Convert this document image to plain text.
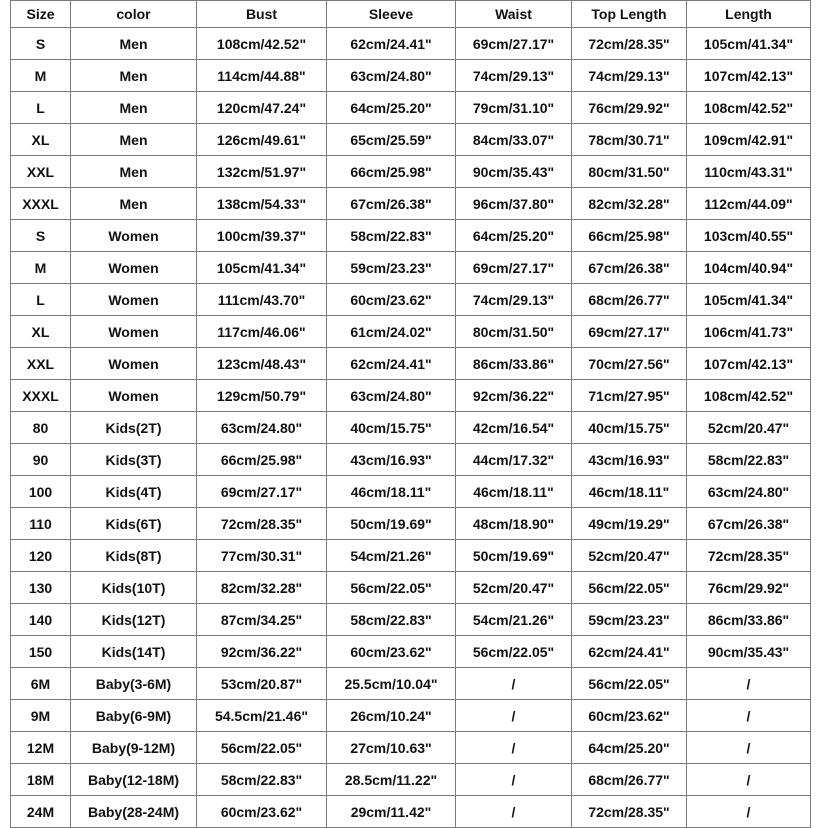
Size	color	Bust	Sleeve	Waist	Top Length	Length
S	Men	108cm/42.52"	62cm/24.41"	69cm/27.17"	72cm/28.35"	105cm/41.34"
M	Men	114cm/44.88"	63cm/24.80"	74cm/29.13"	74cm/29.13"	107cm/42.13"
L	Men	120cm/47.24"	64cm/25.20"	79cm/31.10"	76cm/29.92"	108cm/42.52"
XL	Men	126cm/49.61"	65cm/25.59"	84cm/33.07"	78cm/30.71"	109cm/42.91"
XXL	Men	132cm/51.97"	66cm/25.98"	90cm/35.43"	80cm/31.50"	110cm/43.31"
XXXL	Men	138cm/54.33"	67cm/26.38"	96cm/37.80"	82cm/32.28"	112cm/44.09"
S	Women	100cm/39.37"	58cm/22.83"	64cm/25.20"	66cm/25.98"	103cm/40.55"
M	Women	105cm/41.34"	59cm/23.23"	69cm/27.17"	67cm/26.38"	104cm/40.94"
L	Women	111cm/43.70"	60cm/23.62"	74cm/29.13"	68cm/26.77"	105cm/41.34"
XL	Women	117cm/46.06"	61cm/24.02"	80cm/31.50"	69cm/27.17"	106cm/41.73"
XXL	Women	123cm/48.43"	62cm/24.41"	86cm/33.86"	70cm/27.56"	107cm/42.13"
XXXL	Women	129cm/50.79"	63cm/24.80"	92cm/36.22"	71cm/27.95"	108cm/42.52"
80	Kids(2T)	63cm/24.80"	40cm/15.75"	42cm/16.54"	40cm/15.75"	52cm/20.47"
90	Kids(3T)	66cm/25.98"	43cm/16.93"	44cm/17.32"	43cm/16.93"	58cm/22.83"
100	Kids(4T)	69cm/27.17"	46cm/18.11"	46cm/18.11"	46cm/18.11"	63cm/24.80"
110	Kids(6T)	72cm/28.35"	50cm/19.69"	48cm/18.90"	49cm/19.29"	67cm/26.38"
120	Kids(8T)	77cm/30.31"	54cm/21.26"	50cm/19.69"	52cm/20.47"	72cm/28.35"
130	Kids(10T)	82cm/32.28"	56cm/22.05"	52cm/20.47"	56cm/22.05"	76cm/29.92"
140	Kids(12T)	87cm/34.25"	58cm/22.83"	54cm/21.26"	59cm/23.23"	86cm/33.86"
150	Kids(14T)	92cm/36.22"	60cm/23.62"	56cm/22.05"	62cm/24.41"	90cm/35.43"
6M	Baby(3-6M)	53cm/20.87"	25.5cm/10.04"	/	56cm/22.05"	/
9M	Baby(6-9M)	54.5cm/21.46"	26cm/10.24"	/	60cm/23.62"	/
12M	Baby(9-12M)	56cm/22.05"	27cm/10.63"	/	64cm/25.20"	/
18M	Baby(12-18M)	58cm/22.83"	28.5cm/11.22"	/	68cm/26.77"	/
24M	Baby(28-24M)	60cm/23.62"	29cm/11.42"	/	72cm/28.35"	/
